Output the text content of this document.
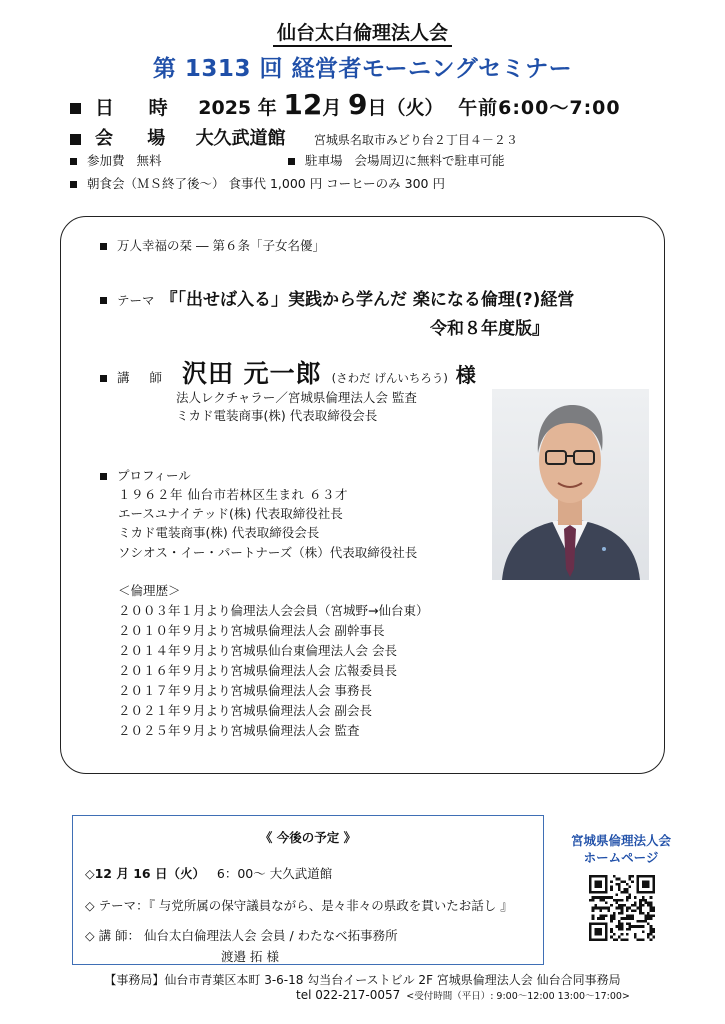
仙台太白倫理法人会
第 1313 回 経営者モーニングセミナー
日 時 2025 年 12月 9日（火） 午前6:00～7:00
会 場 大久武道館 宮城県名取市みどり台２丁目４－２３
参加費 無料	駐車場 会場周辺に無料で駐車可能
朝食会（ＭＳ終了後～） 食事代 1,000 円 コーヒーのみ 300 円
万人幸福の栞 ― 第６条「子女名優」
テーマ 『「出せば入る」実践から学んだ 楽になる倫理(?)経営
令和８年度版』
講 師 沢田 元一郎 (さわだ げんいちろう) 様
法人レクチャラー／宮城県倫理法人会 監査
ミカド電装商事(株) 代表取締役会長
プロフィール
１９６２年 仙台市若林区生まれ ６３才
エースユナイテッド(株) 代表取締役社長
ミカド電装商事(株) 代表取締役会長
ソシオス・イー・パートナーズ（株）代表取締役社長
＜倫理歴＞
２００３年１月より倫理法人会会員（宮城野→仙台東）
２０１０年９月より宮城県倫理法人会 副幹事長
２０１４年９月より宮城県仙台東倫理法人会 会長
２０１６年９月より宮城県倫理法人会 広報委員長
２０１７年９月より宮城県倫理法人会 事務長
２０２１年９月より宮城県倫理法人会 副会長
２０２５年９月より宮城県倫理法人会 監査
《 今後の予定 》
◇12 月 16 日（火） 6：00～ 大久武道館
◇ テーマ：『 与党所属の保守議員ながら、是々非々の県政を貫いたお話し 』
◇ 講 師： 仙台太白倫理法人会 会員 / わたなべ拓事務所
渡邉 拓 様
宮城県倫理法人会
ホームページ
【事務局】仙台市青葉区本町 3-6-18 勾当台イーストビル 2F 宮城県倫理法人会 仙台合同事務局
tel 022-217-0057 <受付時間（平日）: 9:00～12:00 13:00～17:00>
